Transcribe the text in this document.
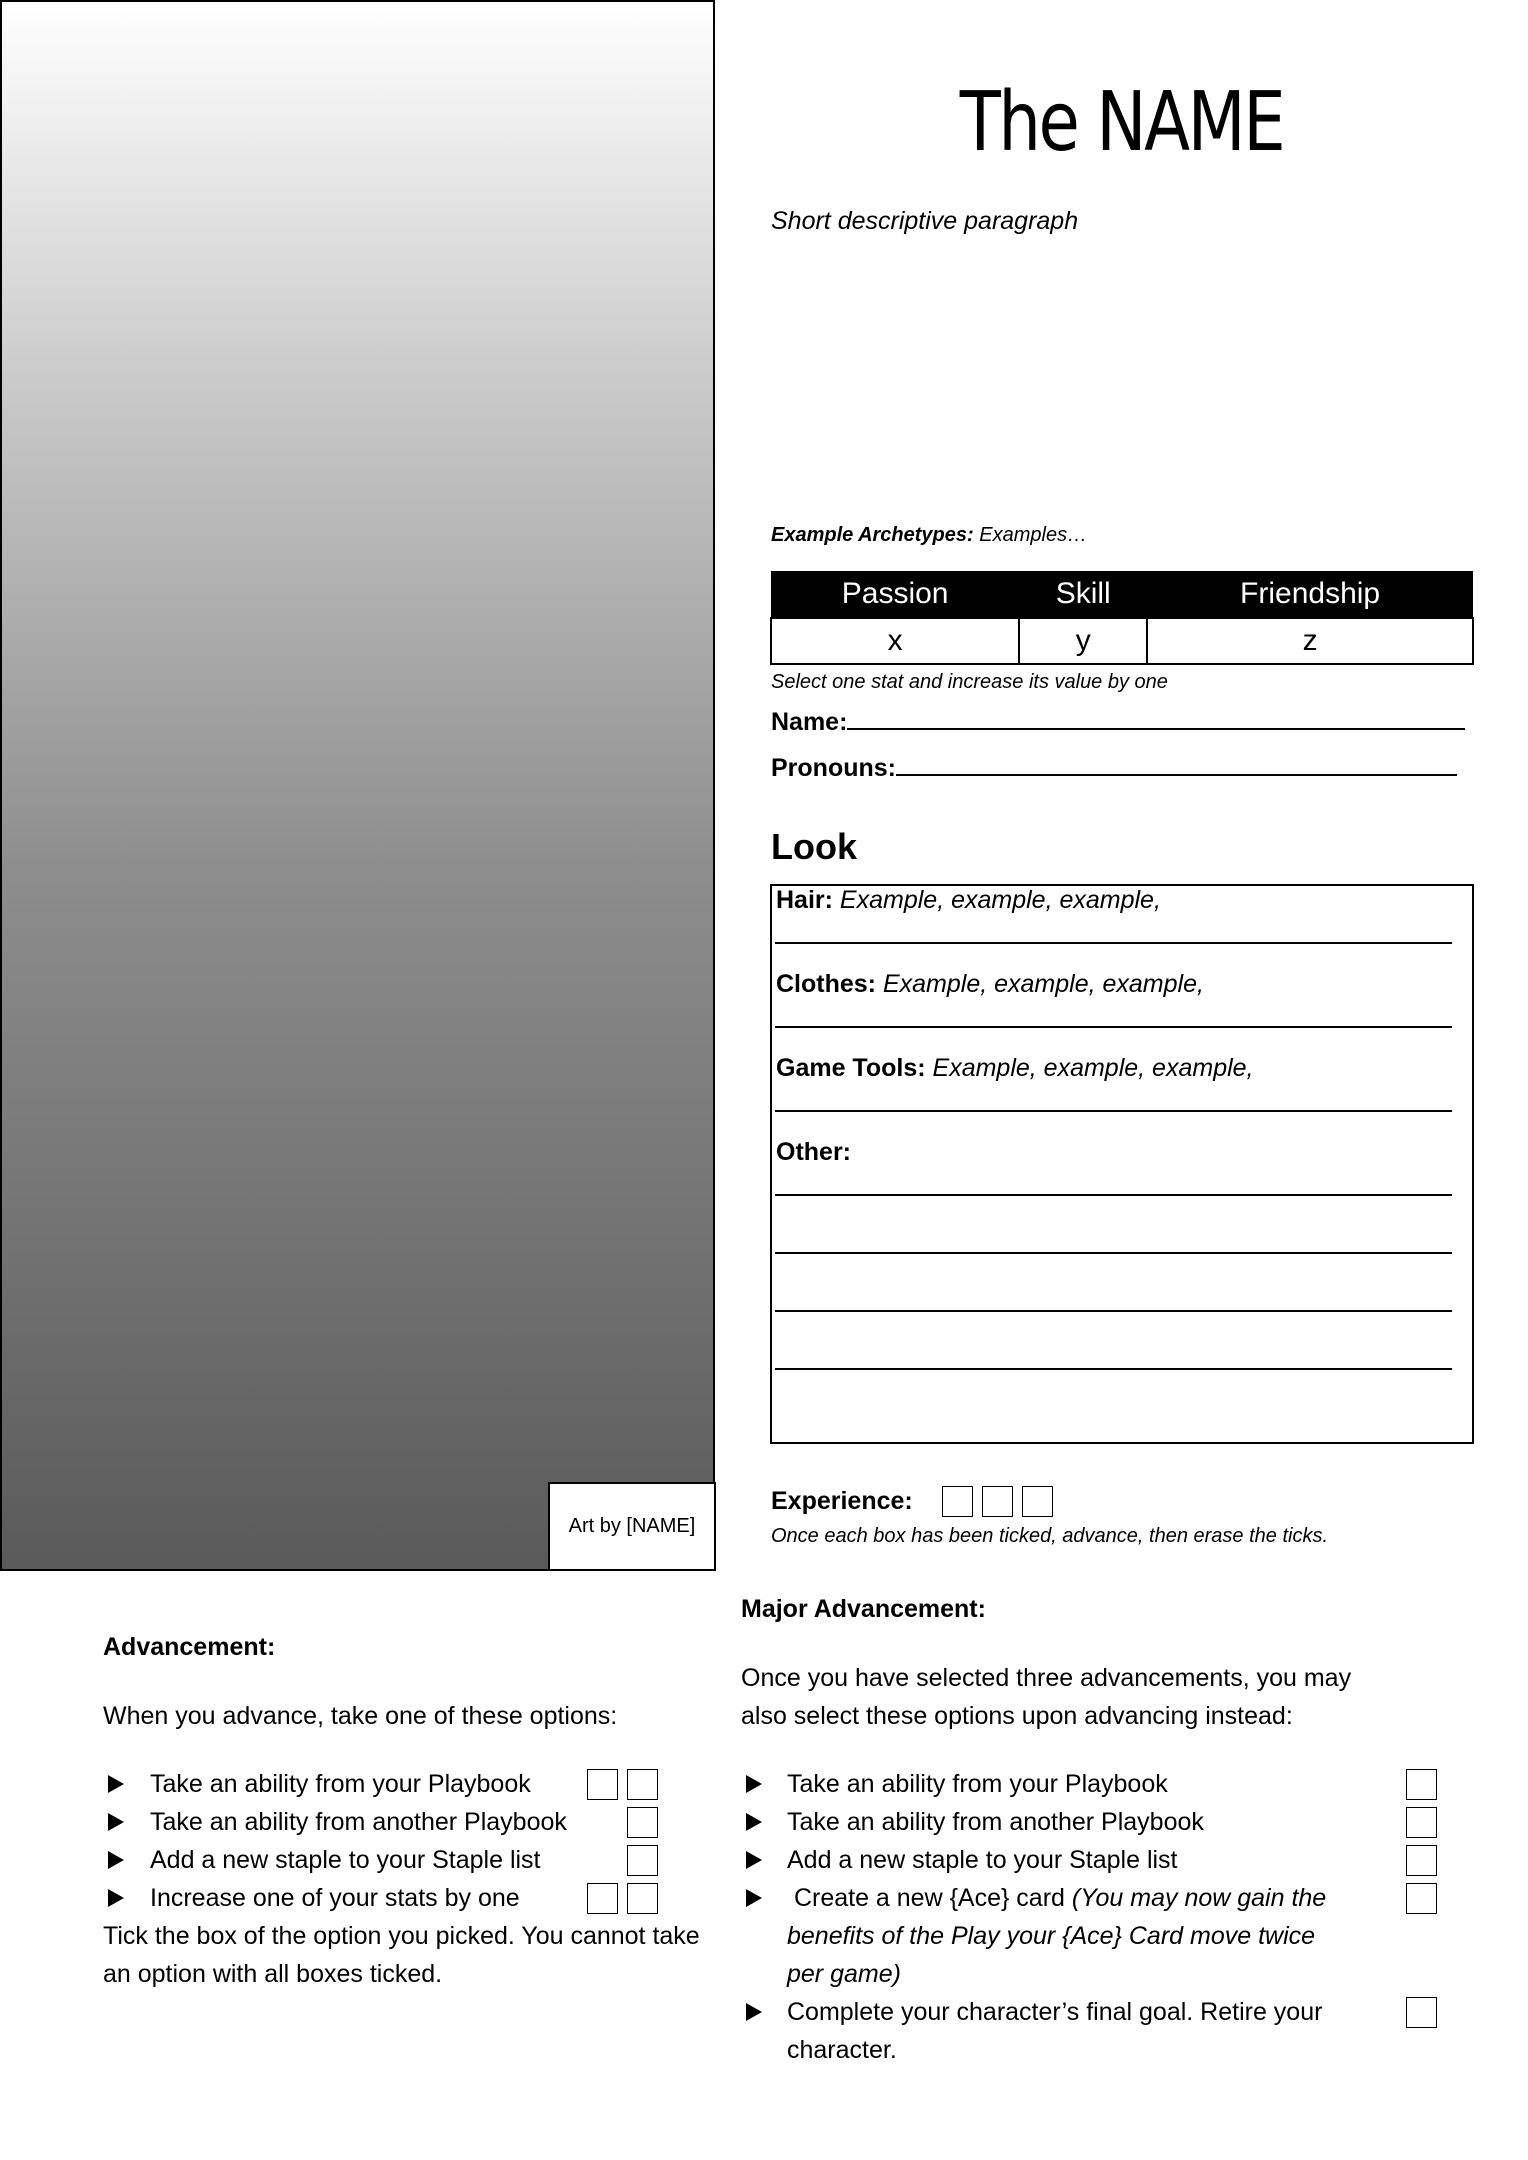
Art by [NAME]
The NAME
Short descriptive paragraph
Example Archetypes: Examples…
Passion	Skill	Friendship
x	y	z
Select one stat and increase its value by one
Name:
Pronouns:
Look
Hair: Example, example, example,
Clothes: Example, example, example,
Game Tools: Example, example, example,
Other:
Experience:
Once each box has been ticked, advance, then erase the ticks.
Advancement:
When you advance, take one of these options:
Take an ability from your Playbook
Take an ability from another Playbook
Add a new staple to your Staple list
Increase one of your stats by one
Tick the box of the option you picked. You cannot take
an option with all boxes ticked.
Major Advancement:
Once you have selected three advancements, you may
also select these options upon advancing instead:
Take an ability from your Playbook
Take an ability from another Playbook
Add a new staple to your Staple list
Create a new {Ace} card (You may now gain the
benefits of the Play your {Ace} Card move twice
per game)
Complete your character’s final goal. Retire your
character.
